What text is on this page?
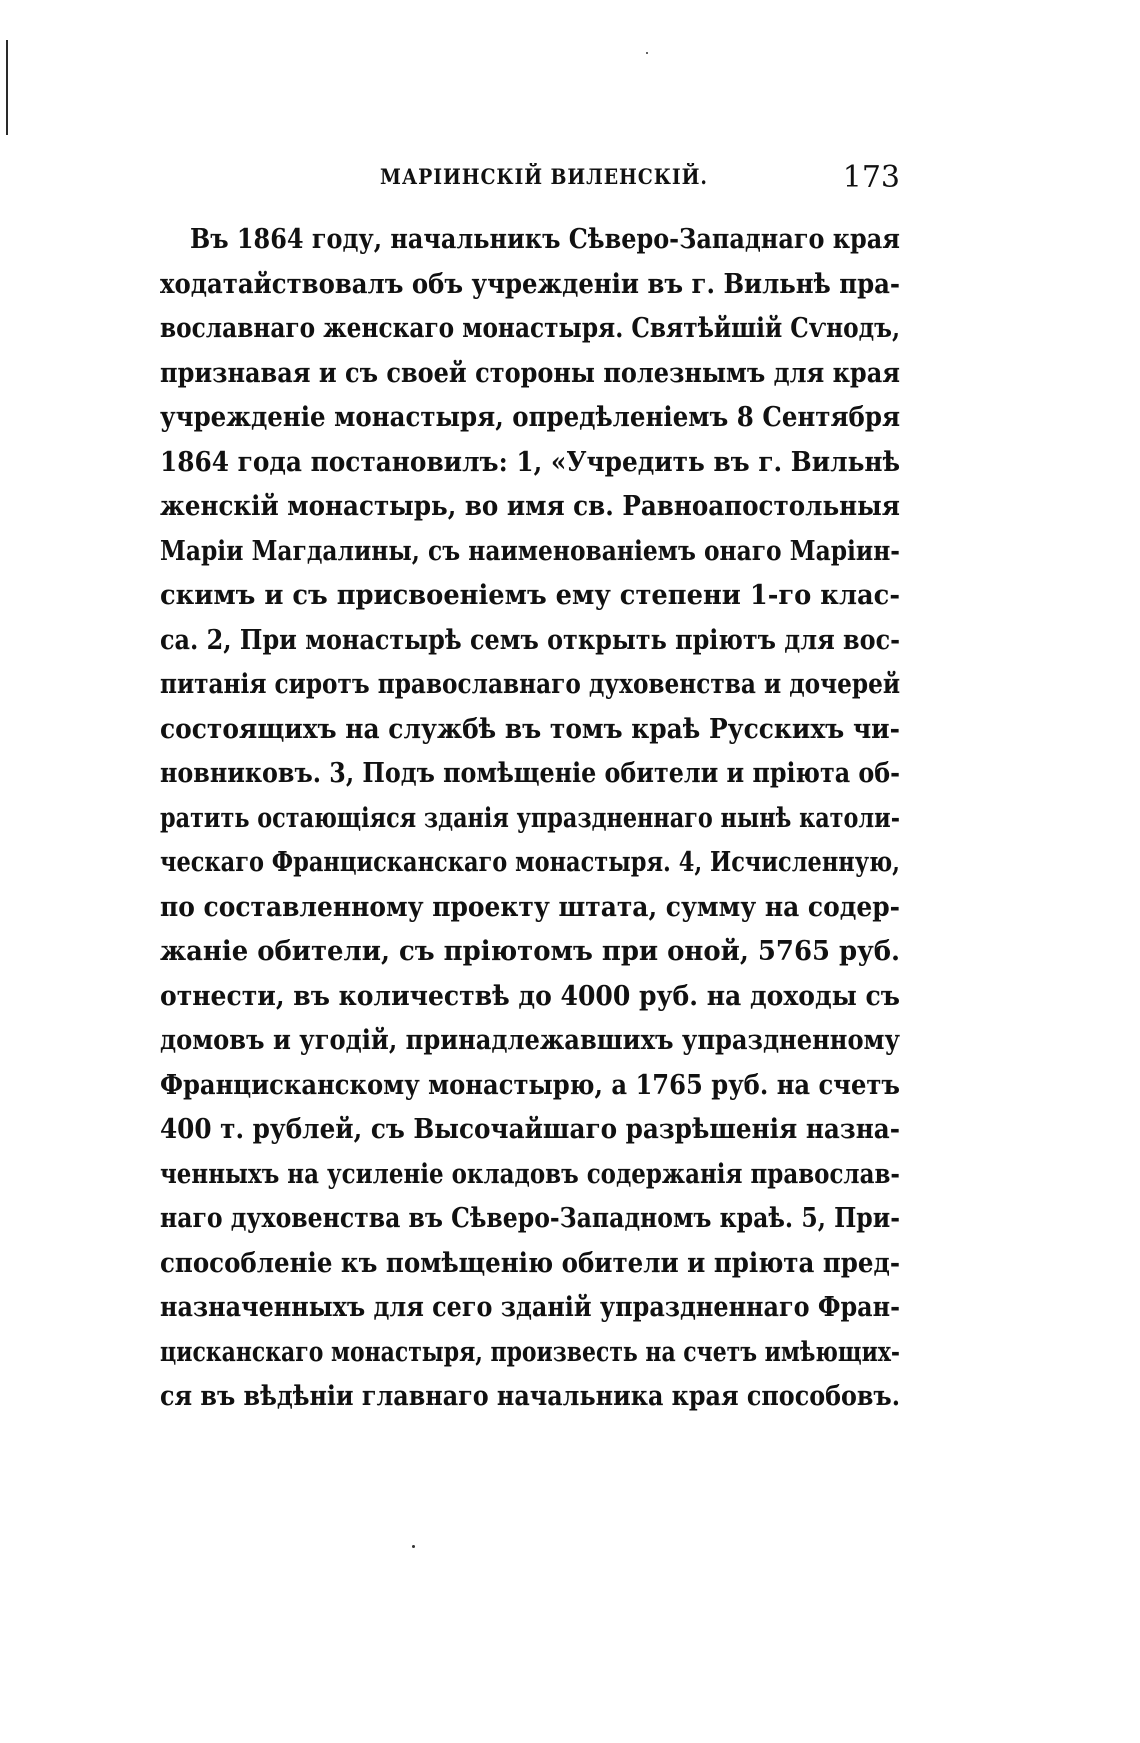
МАРІИНСКІЙ ВИЛЕНСКІЙ.	173
Въ 1864 году, начальникъ Сѣверо-Западнаго края
ходатайствовалъ объ учрежденіи въ г. Вильнѣ пра-
вославнаго женскаго монастыря. Святѣйшій Сѵнодъ,
признавая и съ своей стороны полезнымъ для края
учрежденіе монастыря, опредѣленіемъ 8 Сентября
1864 года постановилъ: 1, «Учредить въ г. Вильнѣ
женскій монастырь, во имя св. Равноапостольныя
Маріи Магдалины, съ наименованіемъ онаго Маріин-
скимъ и съ присвоеніемъ ему степени 1-го клас-
са. 2, При монастырѣ семъ открыть пріютъ для вос-
питанія сиротъ православнаго духовенства и дочерей
состоящихъ на службѣ въ томъ краѣ Русскихъ чи-
новниковъ. 3, Подъ помѣщеніе обители и пріюта об-
ратить остающіяся зданія упраздненнаго нынѣ католи-
ческаго Францисканскаго монастыря. 4, Исчисленную,
по составленному проекту штата, сумму на содер-
жаніе обители, съ пріютомъ при оной, 5765 руб.
отнести, въ количествѣ до 4000 руб. на доходы съ
домовъ и угодій, принадлежавшихъ упраздненному
Францисканскому монастырю, а 1765 руб. на счетъ
400 т. рублей, съ Высочайшаго разрѣшенія назна-
ченныхъ на усиленіе окладовъ содержанія православ-
наго духовенства въ Сѣверо-Западномъ краѣ. 5, При-
способленіе къ помѣщенію обители и пріюта пред-
назначенныхъ для сего зданій упраздненнаго Фран-
цисканскаго монастыря, произвесть на счетъ имѣющих-
ся въ вѣдѣніи главнаго начальника края способовъ.
